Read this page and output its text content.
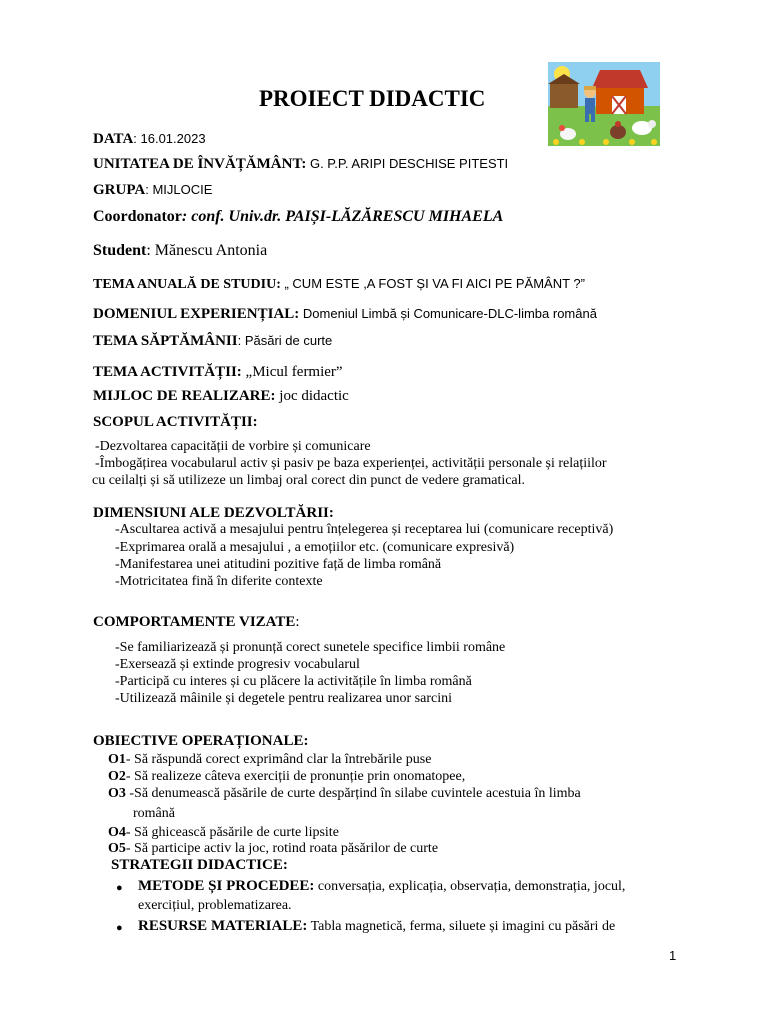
PROIECT DIDACTIC
DATA: 16.01.2023
UNITATEA DE ÎNVĂȚĂMÂNT: G. P.P. ARIPI DESCHISE PITESTI
GRUPA: MIJLOCIE
Coordonator: conf. Univ.dr. PAIȘI-LĂZĂRESCU MIHAELA
Student: Mănescu Antonia
TEMA ANUALĂ DE STUDIU: „ CUM ESTE ,A FOST ȘI VA FI AICI PE PĂMÂNT ?”
DOMENIUL EXPERIENȚIAL: Domeniul Limbă și Comunicare-DLC-limba română
TEMA SĂPTĂMÂNII: Păsări de curte
TEMA ACTIVITĂȚII: „Micul fermier”
MIJLOC DE REALIZARE: joc didactic
SCOPUL ACTIVITĂȚII:
-Dezvoltarea capacității de vorbire și comunicare
-Îmbogățirea vocabularul activ și pasiv pe baza experienței, activității personale și relațiilor
cu ceilalți și să utilizeze un limbaj oral corect din punct de vedere gramatical.
DIMENSIUNI ALE DEZVOLTĂRII:
-Ascultarea activă a mesajului pentru înțelegerea și receptarea lui (comunicare receptivă)
-Exprimarea orală a mesajului , a emoțiilor etc. (comunicare expresivă)
-Manifestarea unei atitudini pozitive față de limba română
-Motricitatea fină în diferite contexte
COMPORTAMENTE VIZATE:
-Se familiarizează și pronunță corect sunetele specifice limbii române
-Exersează și extinde progresiv vocabularul
-Participă cu interes și cu plăcere la activitățile în limba română
-Utilizează mâinile și degetele pentru realizarea unor sarcini
OBIECTIVE OPERAȚIONALE:
O1- Să răspundă corect exprimând clar la întrebările puse
O2- Să realizeze câteva exerciții de pronunție prin onomatopee,
O3 -Să denumească păsările de curte despărțind în silabe cuvintele acestuia în limba
română
O4- Să ghicească păsările de curte lipsite
O5- Să participe activ la joc, rotind roata păsărilor de curte
STRATEGII DIDACTICE:
● METODE ȘI PROCEDEE: conversația, explicația, observația, demonstrația, jocul,
exercițiul, problematizarea.
● RESURSE MATERIALE: Tabla magnetică, ferma, siluete și imagini cu păsări de
1
